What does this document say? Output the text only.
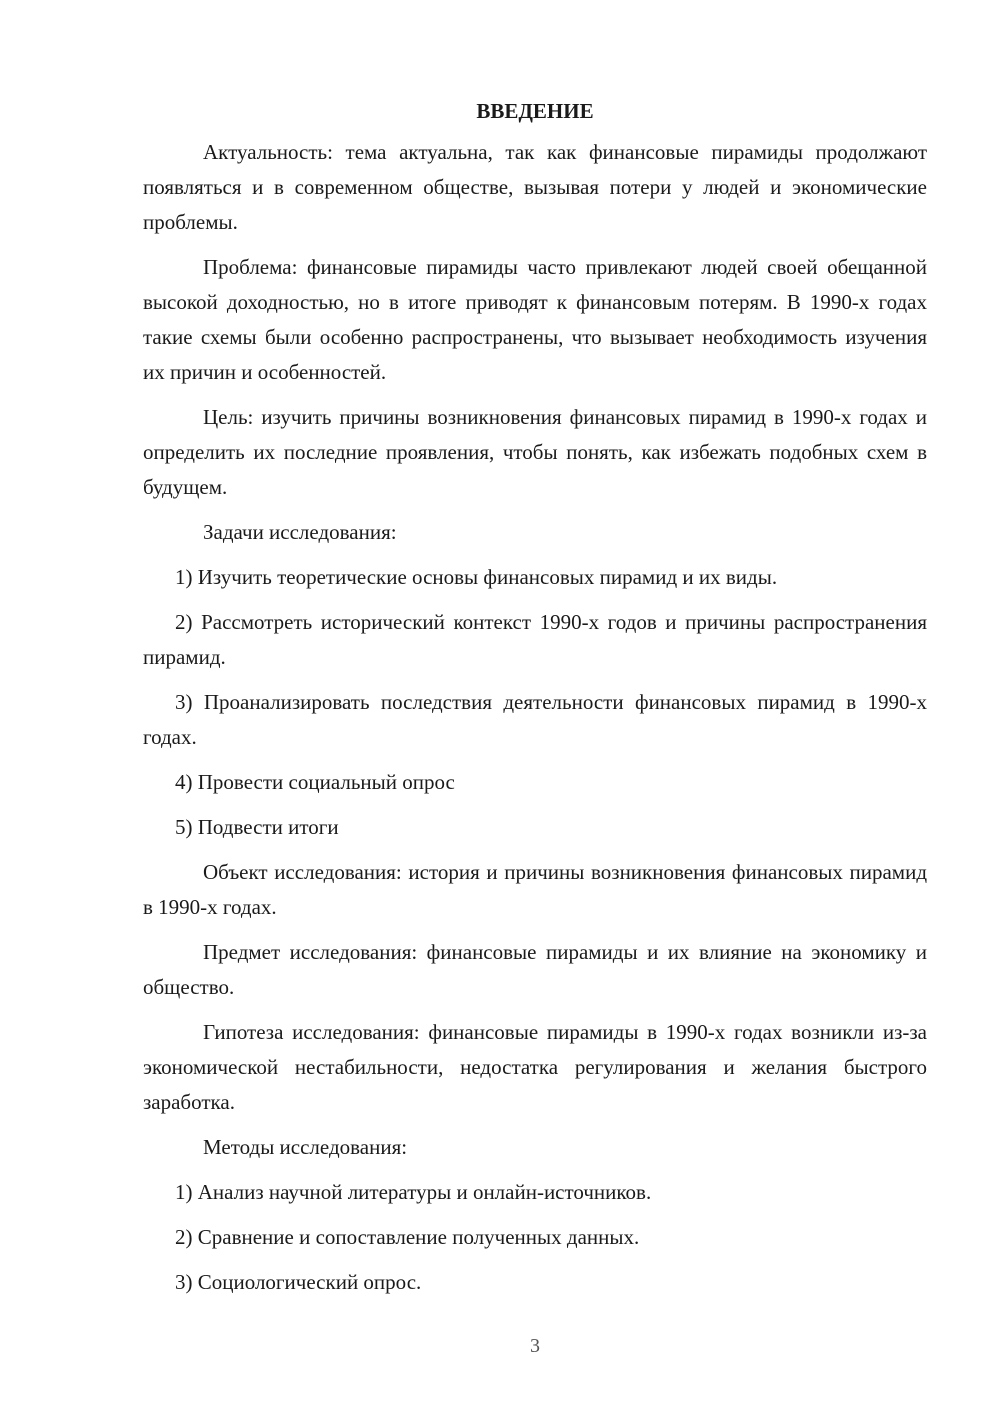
ВВЕДЕНИЕ

Актуальность: тема актуальна, так как финансовые пирамиды продолжают появляться и в современном обществе, вызывая потери у людей и экономические проблемы.

Проблема: финансовые пирамиды часто привлекают людей своей обещанной высокой доходностью, но в итоге приводят к финансовым потерям. В 1990-х годах такие схемы были особенно распространены, что вызывает необходимость изучения их причин и особенностей.

Цель: изучить причины возникновения финансовых пирамид в 1990-х годах и определить их последние проявления, чтобы понять, как избежать подобных схем в будущем.

Задачи исследования:

1) Изучить теоретические основы финансовых пирамид и их виды.

2) Рассмотреть исторический контекст 1990-х годов и причины распространения пирамид.

3) Проанализировать последствия деятельности финансовых пирамид в 1990-х годах.

4) Провести социальный опрос

5) Подвести итоги

Объект исследования: история и причины возникновения финансовых пирамид в 1990-х годах.

Предмет исследования: финансовые пирамиды и их влияние на экономику и общество.

Гипотеза исследования: финансовые пирамиды в 1990-х годах возникли из-за экономической нестабильности, недостатка регулирования и желания быстрого заработка.

Методы исследования:

1) Анализ научной литературы и онлайн-источников.

2) Сравнение и сопоставление полученных данных.

3) Социологический опрос.

3
